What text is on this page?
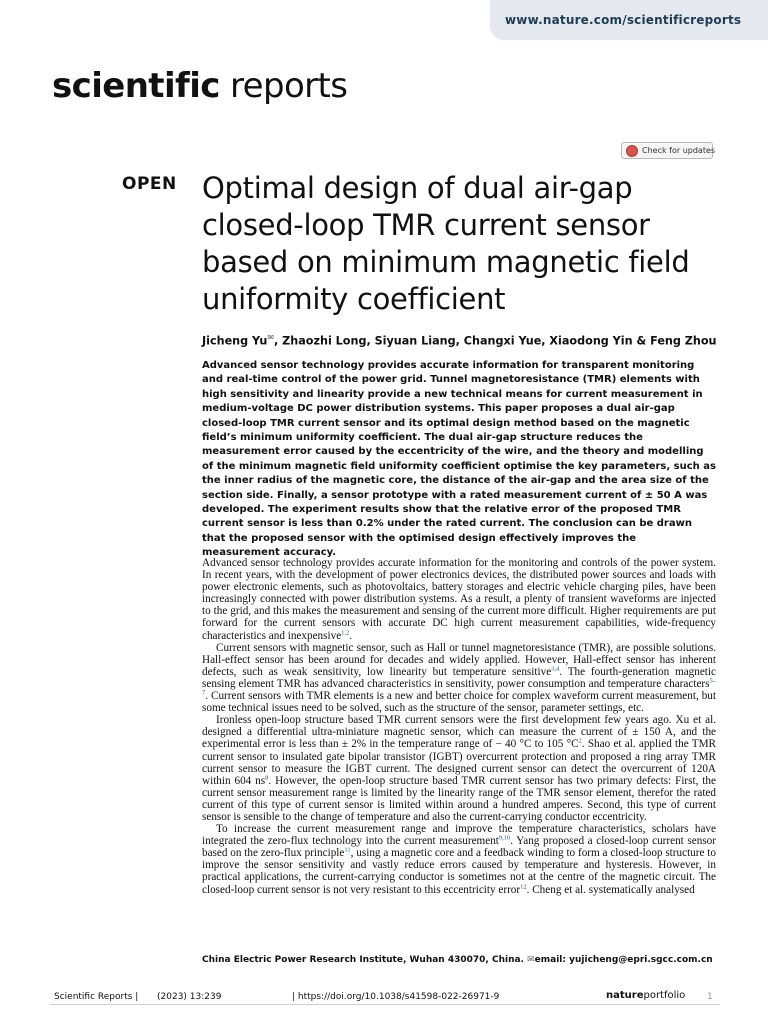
www.nature.com/scientificreports
scientific reports
Check for updates
OPEN Optimal design of dual air-gap closed-loop TMR current sensor based on minimum magnetic field uniformity coefficient
Jicheng Yu✉, Zhaozhi Long, Siyuan Liang, Changxi Yue, Xiaodong Yin & Feng Zhou
Advanced sensor technology provides accurate information for transparent monitoring and real-time control of the power grid. Tunnel magnetoresistance (TMR) elements with high sensitivity and linearity provide a new technical means for current measurement in medium-voltage DC power distribution systems. This paper proposes a dual air-gap closed-loop TMR current sensor and its optimal design method based on the magnetic field’s minimum uniformity coefficient. The dual air-gap structure reduces the measurement error caused by the eccentricity of the wire, and the theory and modelling of the minimum magnetic field uniformity coefficient optimise the key parameters, such as the inner radius of the magnetic core, the distance of the air-gap and the area size of the section side. Finally, a sensor prototype with a rated measurement current of ± 50 A was developed. The experiment results show that the relative error of the proposed TMR current sensor is less than 0.2% under the rated current. The conclusion can be drawn that the proposed sensor with the optimised design effectively improves the measurement accuracy.

Advanced sensor technology provides accurate information for the monitoring and controls of the power system. In recent years, with the development of power electronics devices, the distributed power sources and loads with power electronic elements, such as photovoltaics, battery storages and electric vehicle charging piles, have been increasingly connected with power distribution systems. As a result, a plenty of transient waveforms are injected to the grid, and this makes the measurement and sensing of the current more difficult. Higher requirements are put forward for the current sensors with accurate DC high current measurement capabilities, wide-frequency characteristics and inexpensive$^{1,2}$.

Current sensors with magnetic sensor, such as Hall or tunnel magnetoresistance (TMR), are possible solutions. Hall-effect sensor has been around for decades and widely applied. However, Hall-effect sensor has inherent defects, such as weak sensitivity, low linearity but temperature sensitive$^{3,4}$. The fourth-generation magnetic sensing element TMR has advanced characteristics in sensitivity, power consumption and temperature characters$^{5-7}$. Current sensors with TMR elements is a new and better choice for complex waveform current measurement, but some technical issues need to be solved, such as the structure of the sensor, parameter settings, etc.

Ironless open-loop structure based TMR current sensors were the first development few years ago. Xu et al. designed a differential ultra-miniature magnetic sensor, which can measure the current of ± 150 A, and the experimental error is less than ± 2% in the temperature range of − 40 °C to 105 $^\circ C^2$. Shao et al. applied the TMR current sensor to insulated gate bipolar transistor (IGBT) overcurrent protection and proposed a ring array TMR current sensor to measure the IGBT current. The designed current sensor can detect the overcurrent of 120A within 604 $ns^8$. However, the open-loop structure based TMR current sensor has two primary defects: First, the current sensor measurement range is limited by the linearity range of the TMR sensor element, therefor the rated current of this type of current sensor is limited within around a hundred amperes. Second, this type of current sensor is sensible to the change of temperature and also the current-carrying conductor eccentricity.

To increase the current measurement range and improve the temperature characteristics, scholars have integrated the zero-flux technology into the current measurement$^{9,10}$. Yang proposed a closed-loop current sensor based on the zero-flux principle$^{11}$, using a magnetic core and a feedback winding to form a closed-loop structure to improve the sensor sensitivity and vastly reduce errors caused by temperature and hysteresis. However, in practical applications, the current-carrying conductor is sometimes not at the centre of the magnetic circuit. The closed-loop current sensor is not very resistant to this eccentricity error$^{12}$. Cheng et al. systematically analysed

China Electric Power Research Institute, Wuhan 430070, China. ✉email: yujicheng@epri.sgcc.com.cn
Scientific Reports | (2023) 13:239	| https://doi.org/10.1038/s41598-022-26971-9	natureportfolio 1
